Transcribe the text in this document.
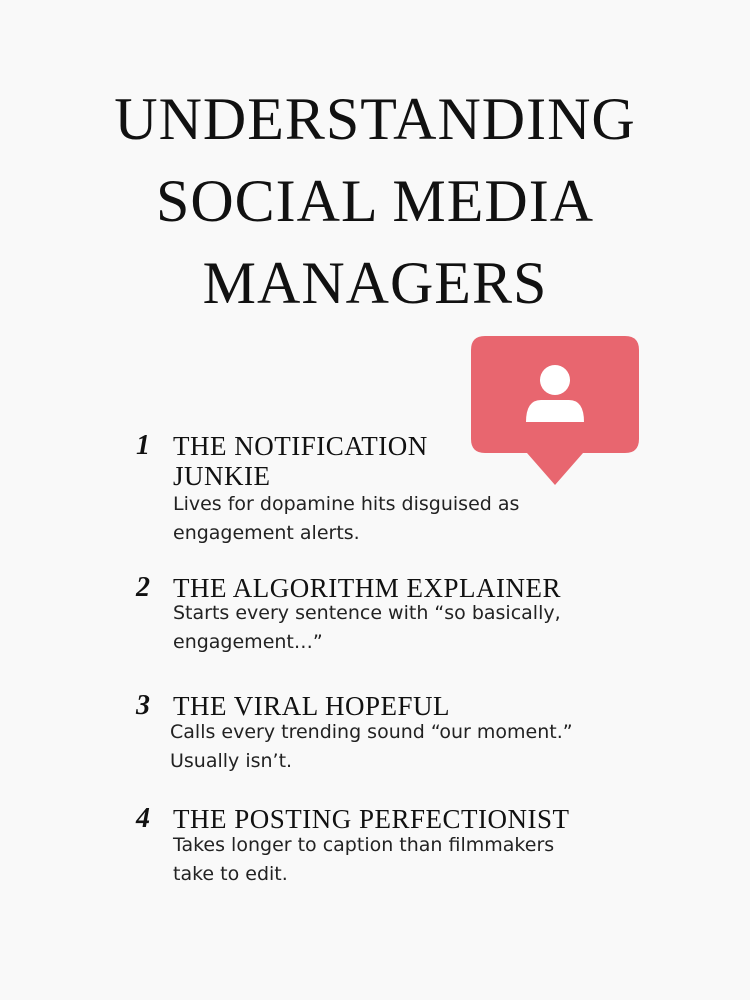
UNDERSTANDING
SOCIAL MEDIA
MANAGERS
1 THE NOTIFICATION
JUNKIE

Lives for dopamine hits disguised as
engagement alerts.

2 THE ALGORITHM EXPLAINER

Starts every sentence with “so basically,
engagement…”

3 THE VIRAL HOPEFUL

Calls every trending sound “our moment.”
Usually isn’t.

4 THE POSTING PERFECTIONIST

Takes longer to caption than filmmakers
take to edit.
